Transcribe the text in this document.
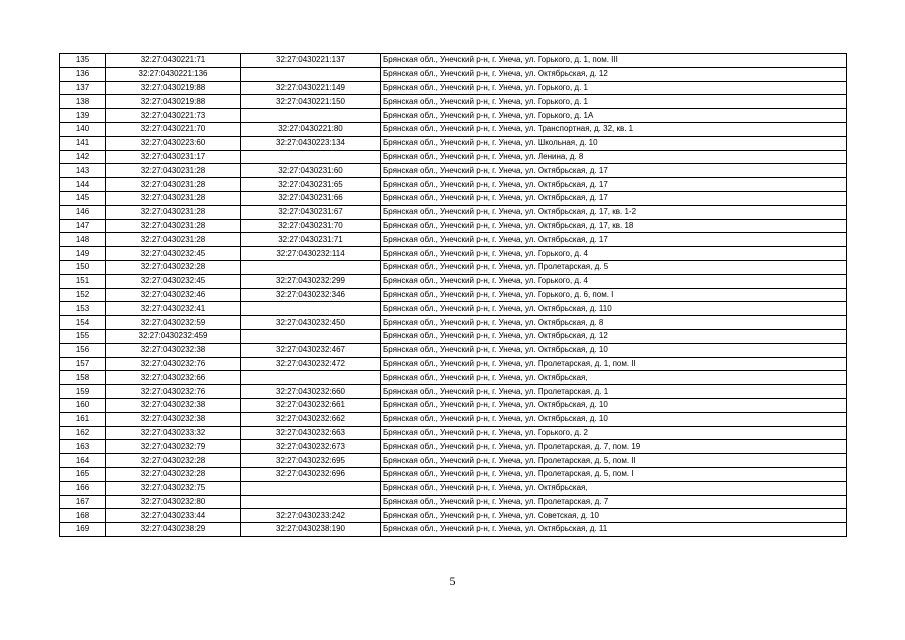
135	32:27:0430221:71	32:27:0430221:137	Брянская обл., Унечский р-н, г. Унеча, ул. Горького, д. 1, пом. III
136	32:27:0430221:136		Брянская обл., Унечский р-н, г. Унеча, ул. Октябрьская, д. 12
137	32:27:0430219:88	32:27:0430221:149	Брянская обл., Унечский р-н, г. Унеча, ул. Горького, д. 1
138	32:27:0430219:88	32:27:0430221:150	Брянская обл., Унечский р-н, г. Унеча, ул. Горького, д. 1
139	32:27:0430221:73		Брянская обл., Унечский р-н, г. Унеча, ул. Горького, д. 1А
140	32:27:0430221:70	32:27:0430221:80	Брянская обл., Унечский р-н, г. Унеча, ул. Транспортная, д. 32, кв. 1
141	32:27:0430223:60	32:27:0430223:134	Брянская обл., Унечский р-н, г. Унеча, ул. Школьная, д. 10
142	32:27:0430231:17		Брянская обл., Унечский р-н, г. Унеча, ул. Ленина, д. 8
143	32:27:0430231:28	32:27:0430231:60	Брянская обл., Унечский р-н, г. Унеча, ул. Октябрьская, д. 17
144	32:27:0430231:28	32:27:0430231:65	Брянская обл., Унечский р-н, г. Унеча, ул. Октябрьская, д. 17
145	32:27:0430231:28	32:27:0430231:66	Брянская обл., Унечский р-н, г. Унеча, ул. Октябрьская, д. 17
146	32:27:0430231:28	32:27:0430231:67	Брянская обл., Унечский р-н, г. Унеча, ул. Октябрьская, д. 17, кв. 1-2
147	32:27:0430231:28	32:27:0430231:70	Брянская обл., Унечский р-н, г. Унеча, ул. Октябрьская, д. 17, кв. 18
148	32:27:0430231:28	32:27:0430231:71	Брянская обл., Унечский р-н, г. Унеча, ул. Октябрьская, д. 17
149	32:27:0430232:45	32:27:0430232:114	Брянская обл., Унечский р-н, г. Унеча, ул. Горького, д. 4
150	32:27:0430232:28		Брянская обл., Унечский р-н, г. Унеча, ул. Пролетарская, д. 5
151	32:27:0430232:45	32:27:0430232:299	Брянская обл., Унечский р-н, г. Унеча, ул. Горького, д. 4
152	32:27:0430232:46	32:27:0430232:346	Брянская обл., Унечский р-н, г. Унеча, ул. Горького, д. 6, пом. I
153	32:27:0430232:41		Брянская обл., Унечский р-н, г. Унеча, ул. Октябрьская, д. 110
154	32:27:0430232:59	32:27:0430232:450	Брянская обл., Унечский р-н, г. Унеча, ул. Октябрьская, д. 8
155	32:27:0430232:459		Брянская обл., Унечский р-н, г. Унеча, ул. Октябрьская, д. 12
156	32:27:0430232:38	32:27:0430232:467	Брянская обл., Унечский р-н, г. Унеча, ул. Октябрьская, д. 10
157	32:27:0430232:76	32:27:0430232:472	Брянская обл., Унечский р-н, г. Унеча, ул. Пролетарская, д. 1, пом. II
158	32:27:0430232:66		Брянская обл., Унечский р-н, г. Унеча, ул. Октябрьская,
159	32:27:0430232:76	32:27:0430232:660	Брянская обл., Унечский р-н, г. Унеча, ул. Пролетарская, д. 1
160	32:27:0430232:38	32:27:0430232:661	Брянская обл., Унечский р-н, г. Унеча, ул. Октябрьская, д. 10
161	32:27:0430232:38	32:27:0430232:662	Брянская обл., Унечский р-н, г. Унеча, ул. Октябрьская, д. 10
162	32:27:0430233:32	32:27:0430232:663	Брянская обл., Унечский р-н, г. Унеча, ул. Горького, д. 2
163	32:27:0430232:79	32:27:0430232:673	Брянская обл., Унечский р-н, г. Унеча, ул. Пролетарская, д. 7, пом. 19
164	32:27:0430232:28	32:27:0430232:695	Брянская обл., Унечский р-н, г. Унеча, ул. Пролетарская, д. 5, пом. II
165	32:27:0430232:28	32:27:0430232:696	Брянская обл., Унечский р-н, г. Унеча, ул. Пролетарская, д. 5, пом. I
166	32:27:0430232:75		Брянская обл., Унечский р-н, г. Унеча, ул. Октябрьская,
167	32:27:0430232:80		Брянская обл., Унечский р-н, г. Унеча, ул. Пролетарская, д. 7
168	32:27:0430233:44	32:27:0430233:242	Брянская обл., Унечский р-н, г. Унеча, ул. Советская, д. 10
169	32:27:0430238:29	32:27:0430238:190	Брянская обл., Унечский р-н, г. Унеча, ул. Октябрьская, д. 11
5
